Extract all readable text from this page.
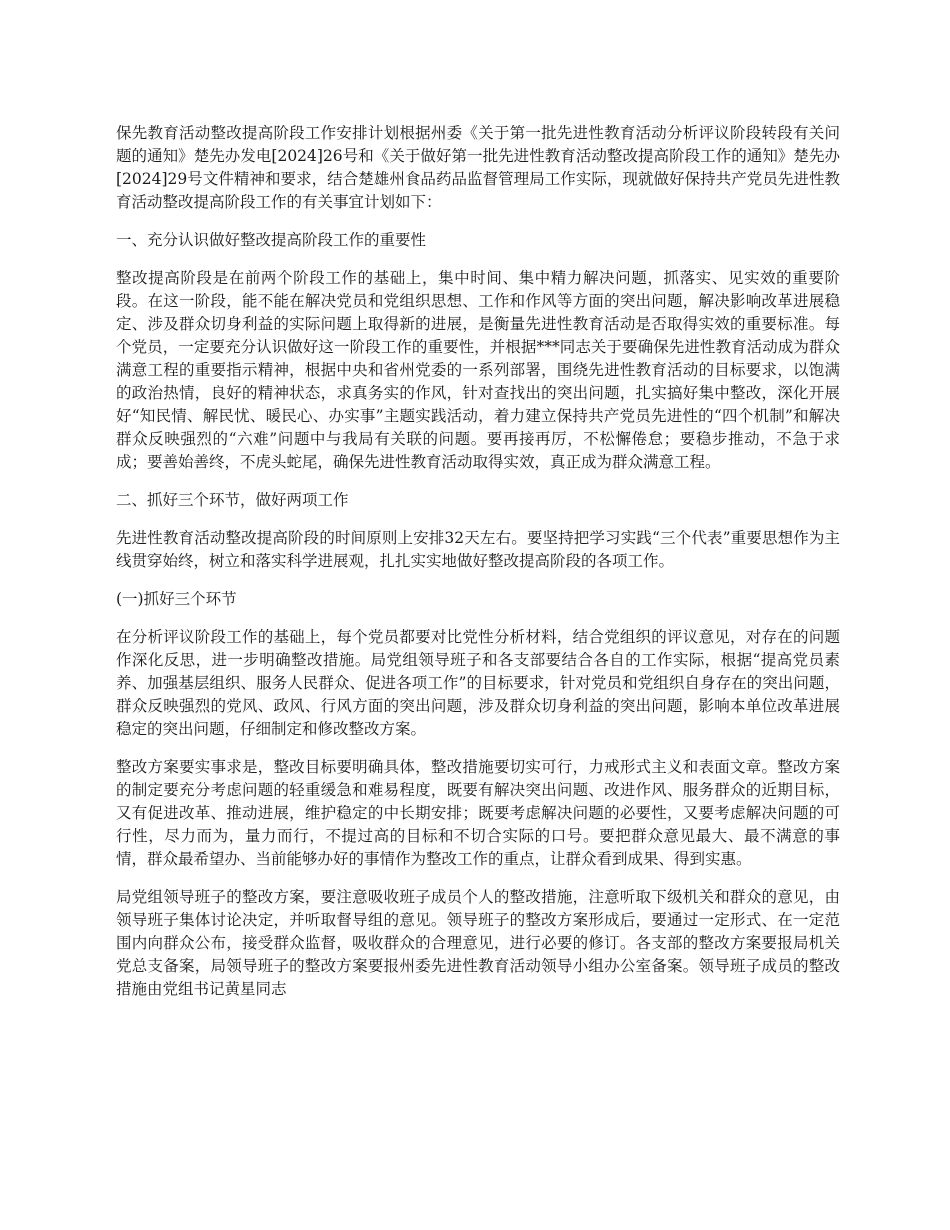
保先教育活动整改提高阶段工作安排计划根据州委《关于第一批先进性教育活动分析评议阶段转段有关问题的通知》楚先办发电[2024]26号和《关于做好第一批先进性教育活动整改提高阶段工作的通知》楚先办[2024]29号文件精神和要求，结合楚雄州食品药品监督管理局工作实际，现就做好保持共产党员先进性教育活动整改提高阶段工作的有关事宜计划如下：

一、充分认识做好整改提高阶段工作的重要性

整改提高阶段是在前两个阶段工作的基础上，集中时间、集中精力解决问题，抓落实、见实效的重要阶段。在这一阶段，能不能在解决党员和党组织思想、工作和作风等方面的突出问题，解决影响改革进展稳定、涉及群众切身利益的实际问题上取得新的进展，是衡量先进性教育活动是否取得实效的重要标准。每个党员，一定要充分认识做好这一阶段工作的重要性，并根据***同志关于要确保先进性教育活动成为群众满意工程的重要指示精神，根据中央和省州党委的一系列部署，围绕先进性教育活动的目标要求，以饱满的政治热情，良好的精神状态，求真务实的作风，针对查找出的突出问题，扎实搞好集中整改，深化开展好“知民情、解民忧、暖民心、办实事”主题实践活动，着力建立保持共产党员先进性的“四个机制”和解决群众反映强烈的“六难”问题中与我局有关联的问题。要再接再厉，不松懈倦怠；要稳步推动，不急于求成；要善始善终，不虎头蛇尾，确保先进性教育活动取得实效，真正成为群众满意工程。

二、抓好三个环节，做好两项工作

先进性教育活动整改提高阶段的时间原则上安排32天左右。要坚持把学习实践“三个代表”重要思想作为主线贯穿始终，树立和落实科学进展观，扎扎实实地做好整改提高阶段的各项工作。

(一)抓好三个环节

在分析评议阶段工作的基础上，每个党员都要对比党性分析材料，结合党组织的评议意见，对存在的问题作深化反思，进一步明确整改措施。局党组领导班子和各支部要结合各自的工作实际，根据“提高党员素养、加强基层组织、服务人民群众、促进各项工作”的目标要求，针对党员和党组织自身存在的突出问题，群众反映强烈的党风、政风、行风方面的突出问题，涉及群众切身利益的突出问题，影响本单位改革进展稳定的突出问题，仔细制定和修改整改方案。

整改方案要实事求是，整改目标要明确具体，整改措施要切实可行，力戒形式主义和表面文章。整改方案的制定要充分考虑问题的轻重缓急和难易程度，既要有解决突出问题、改进作风、服务群众的近期目标，又有促进改革、推动进展，维护稳定的中长期安排；既要考虑解决问题的必要性，又要考虑解决问题的可行性，尽力而为，量力而行，不提过高的目标和不切合实际的口号。要把群众意见最大、最不满意的事情，群众最希望办、当前能够办好的事情作为整改工作的重点，让群众看到成果、得到实惠。

局党组领导班子的整改方案，要注意吸收班子成员个人的整改措施，注意听取下级机关和群众的意见，由领导班子集体讨论决定，并听取督导组的意见。领导班子的整改方案形成后，要通过一定形式、在一定范围内向群众公布，接受群众监督，吸收群众的合理意见，进行必要的修订。各支部的整改方案要报局机关党总支备案，局领导班子的整改方案要报州委先进性教育活动领导小组办公室备案。领导班子成员的整改措施由党组书记黄星同志
